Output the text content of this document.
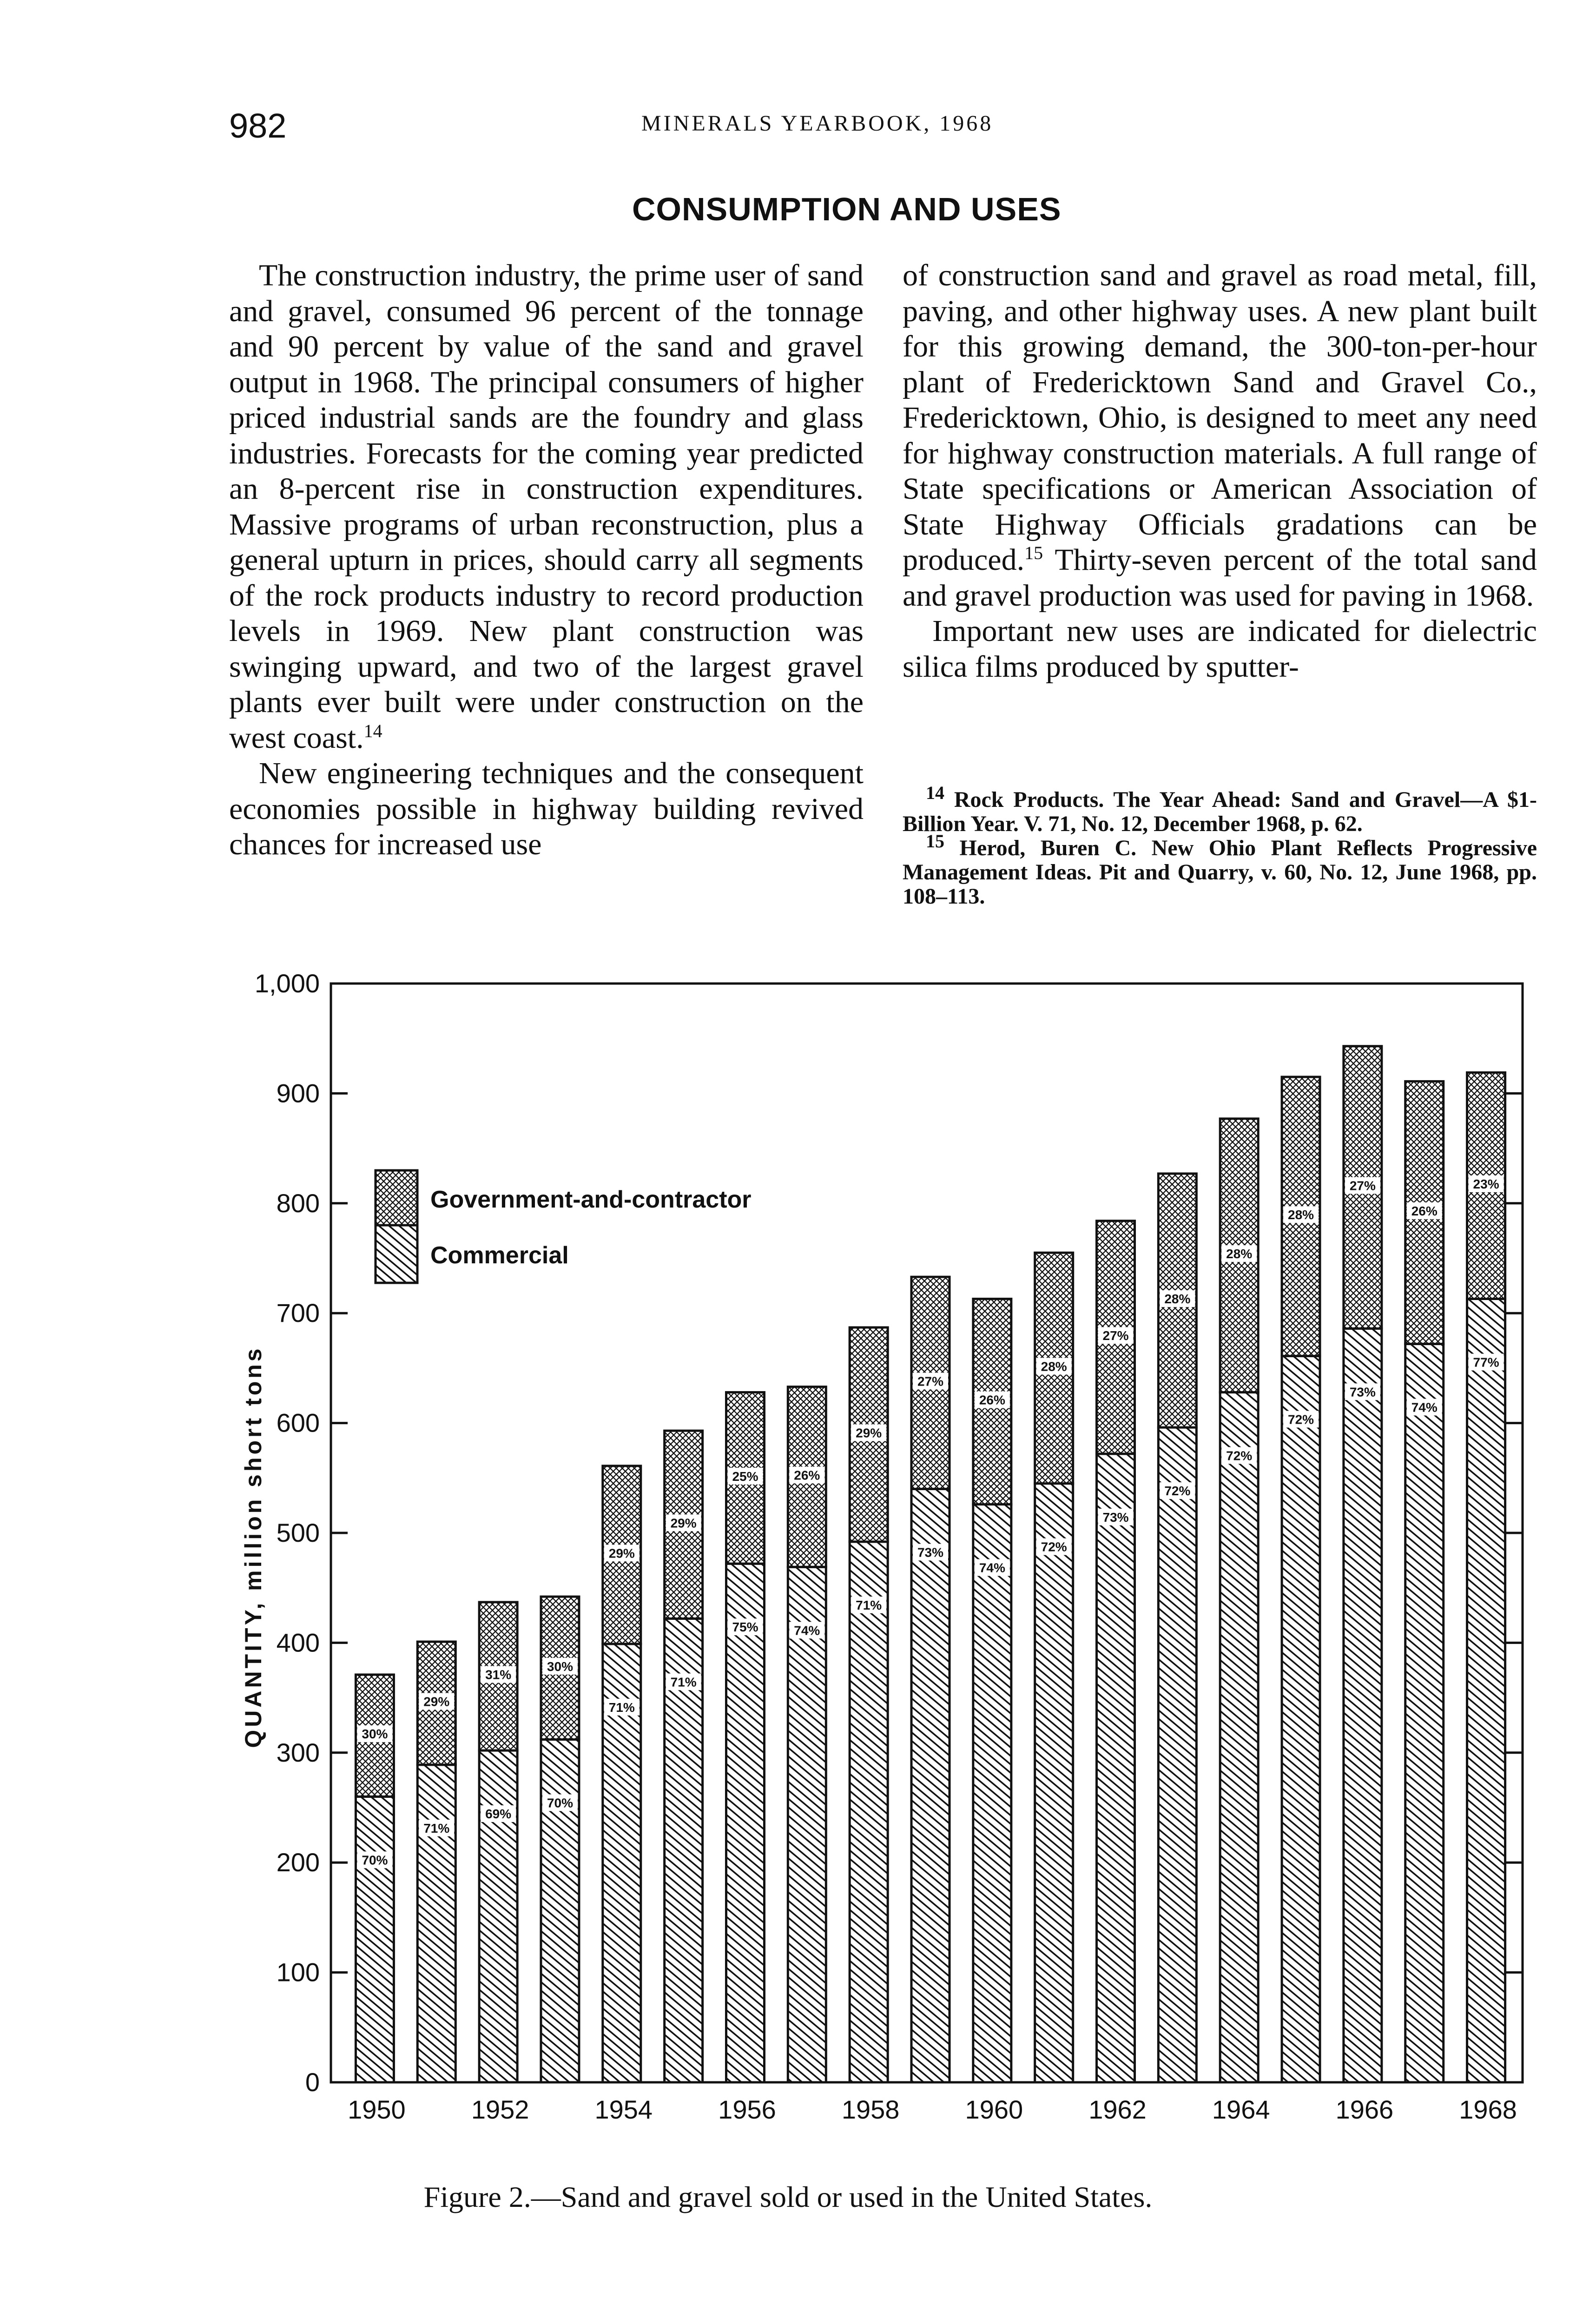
982	MINERALS YEARBOOK, 1968
CONSUMPTION AND USES

The construction industry, the prime user of sand and gravel, consumed 96 percent of the tonnage and 90 percent by value of the sand and gravel output in 1968. The principal consumers of higher priced industrial sands are the foundry and glass industries. Forecasts for the coming year predicted an 8-percent rise in construction expenditures. Massive programs of urban reconstruction, plus a general upturn in prices, should carry all segments of the rock products industry to record production levels in 1969. New plant construction was swinging upward, and two of the largest gravel plants ever built were under construction on the west coast.$^{14}$

New engineering techniques and the consequent economies possible in highway building revived chances for increased use

of construction sand and gravel as road metal, fill, paving, and other highway uses. A new plant built for this growing demand, the 300-ton-per-hour plant of Fredericktown Sand and Gravel Co., Fredericktown, Ohio, is designed to meet any need for highway construction materials. A full range of State specifications or American Association of State Highway Officials gradations can be produced.$^{15}$ Thirty-seven percent of the total sand and gravel production was used for paving in 1968.

Important new uses are indicated for dielectric silica films produced by sputter-

$^{14}$ Rock Products. The Year Ahead: Sand and Gravel—A $1-Billion Year. V. 71, No. 12, December 1968, p. 62.

$^{15}$ Herod, Buren C. New Ohio Plant Reflects Progressive Management Ideas. Pit and Quarry, v. 60, No. 12, June 1968, pp. 108–113.

30%
70%
29%
71%
31%
69%
30%
70%
29%
71%
29%
71%
25%
75%
26%
74%
29%
71%
27%
73%
26%
74%
28%
72%
27%
73%
28%
72%
28%
72%
28%
72%
27%
73%
26%
74%
23%
77%
0
100
200
300
400
500
600
700
800
900
1,000
QUANTITY, million short tons
1950	1952	1954	1956	1958	1960	1962	1964	1966	1968
Government-and-contractor
Commercial
Figure 2.—Sand and gravel sold or used in the United States.
